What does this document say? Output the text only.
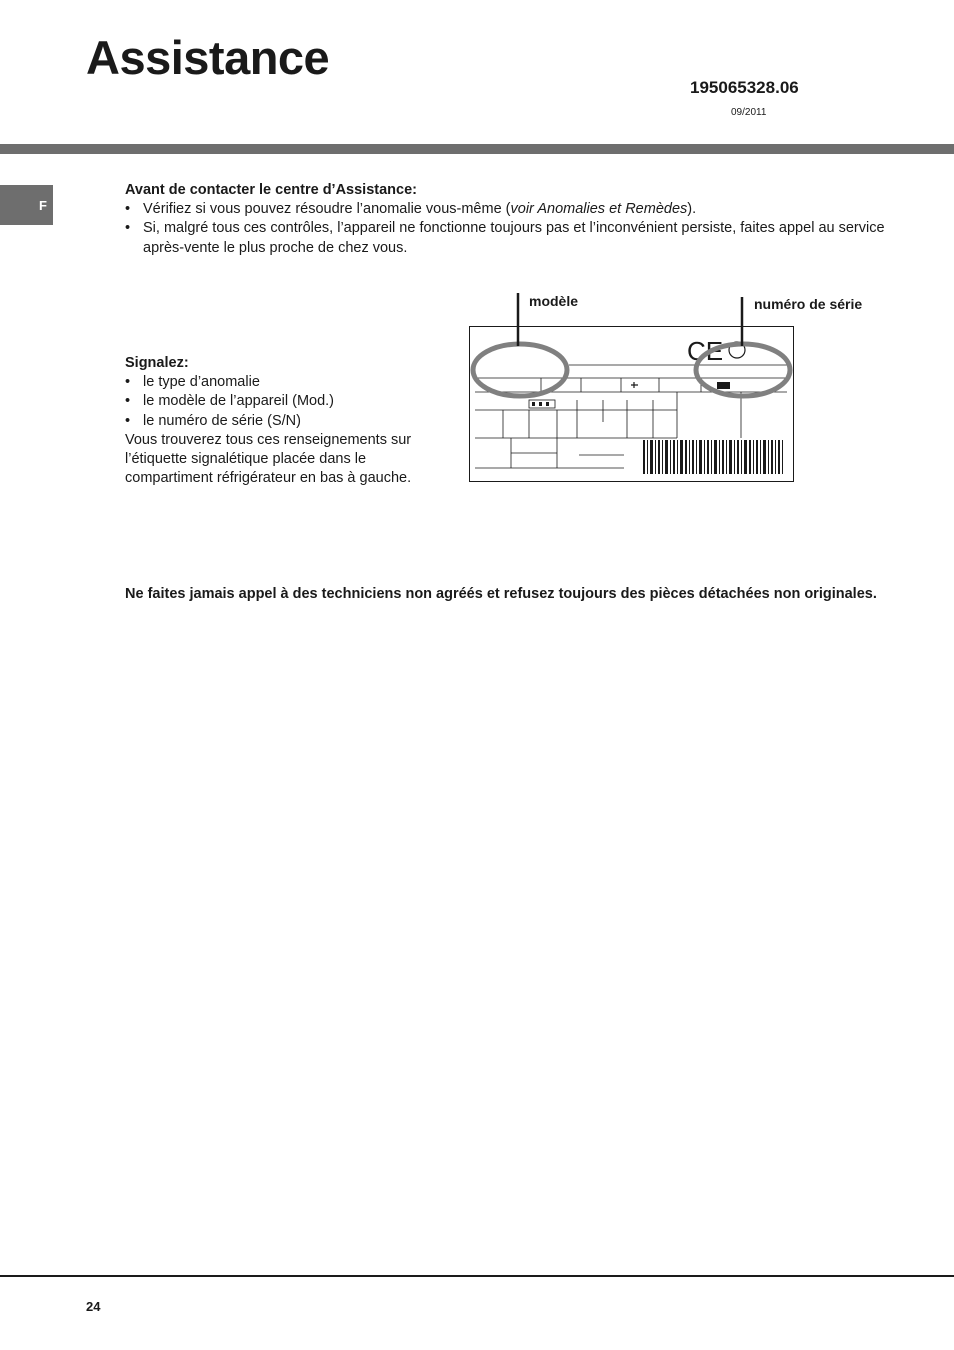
Assistance
195065328.06
09/2011
F
Avant de contacter le centre d’Assistance:
• Vérifiez si vous pouvez résoudre l’anomalie vous-même (voir Anomalies et Remèdes).
• Si, malgré tous ces contrôles, l’appareil ne fonctionne toujours pas et l’inconvénient persiste, faites appel au service après-vente le plus proche de chez vous.
Signalez:
• le type d’anomalie
• le modèle de l’appareil (Mod.)
• le numéro de série (S/N)
Vous trouverez tous ces renseignements sur l’étiquette signalétique placée dans le compartiment réfrigérateur en bas à gauche.
modèle	numéro de série
CE
Ne faites jamais appel à des techniciens non agréés et refusez toujours des pièces détachées non originales.
24
